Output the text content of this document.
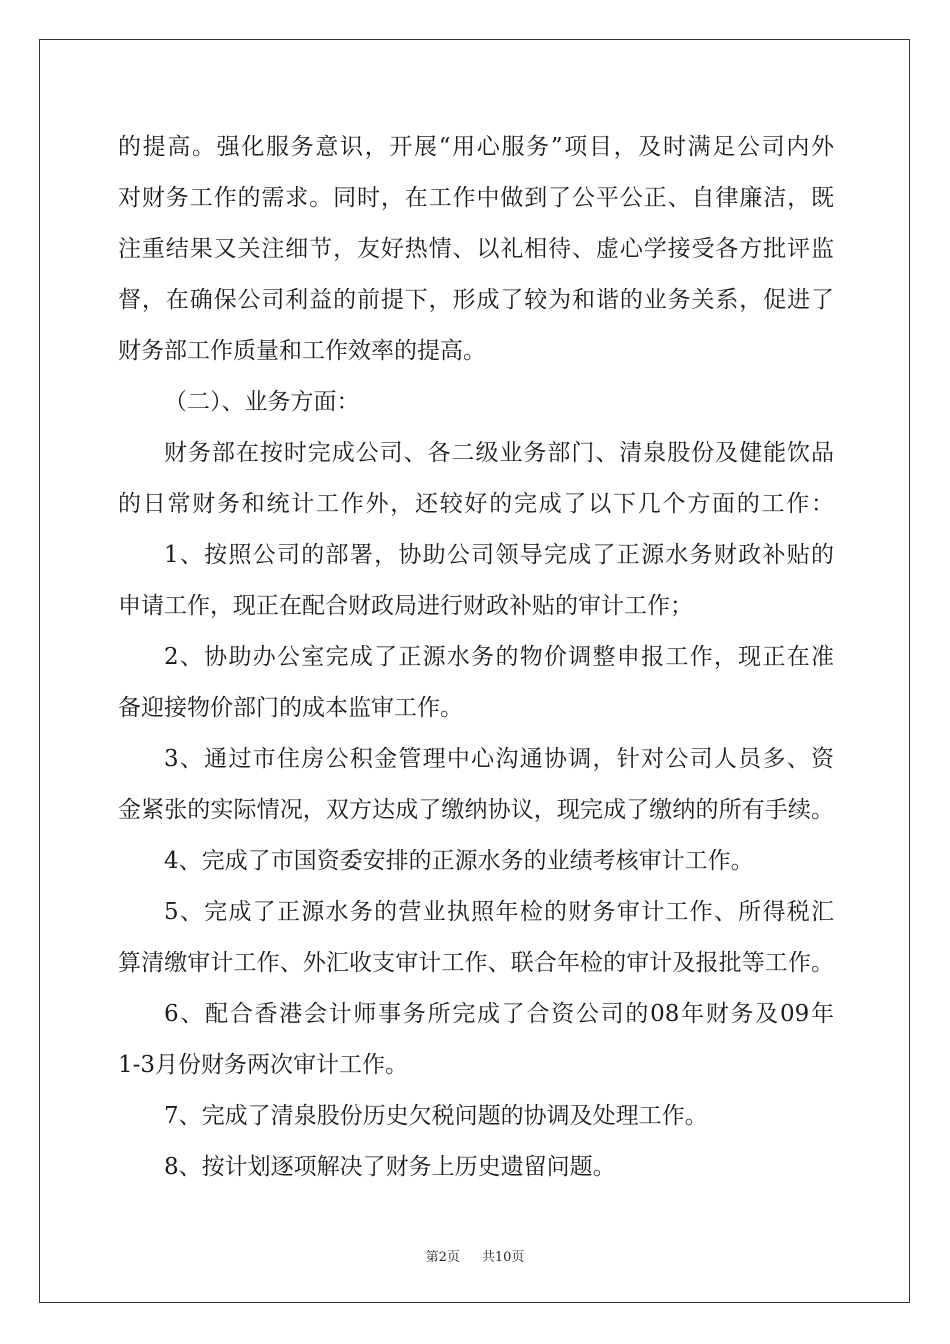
的提高。强化服务意识，开展“用心服务”项目，及时满足公司内外
对财务工作的需求。同时，在工作中做到了公平公正、自律廉洁，既
注重结果又关注细节，友好热情、以礼相待、虚心学接受各方批评监
督，在确保公司利益的前提下，形成了较为和谐的业务关系，促进了
财务部工作质量和工作效率的提高。
（二）、业务方面：
财务部在按时完成公司、各二级业务部门、清泉股份及健能饮品
的日常财务和统计工作外，还较好的完成了以下几个方面的工作：
1、按照公司的部署，协助公司领导完成了正源水务财政补贴的
申请工作，现正在配合财政局进行财政补贴的审计工作；
2、协助办公室完成了正源水务的物价调整申报工作，现正在准
备迎接物价部门的成本监审工作。
3、通过市住房公积金管理中心沟通协调，针对公司人员多、资
金紧张的实际情况，双方达成了缴纳协议，现完成了缴纳的所有手续。
4、完成了市国资委安排的正源水务的业绩考核审计工作。
5、完成了正源水务的营业执照年检的财务审计工作、所得税汇
算清缴审计工作、外汇收支审计工作、联合年检的审计及报批等工作。
6、配合香港会计师事务所完成了合资公司的08年财务及09年
1-3月份财务两次审计工作。
7、完成了清泉股份历史欠税问题的协调及处理工作。
8、按计划逐项解决了财务上历史遗留问题。
第2页 共10页
